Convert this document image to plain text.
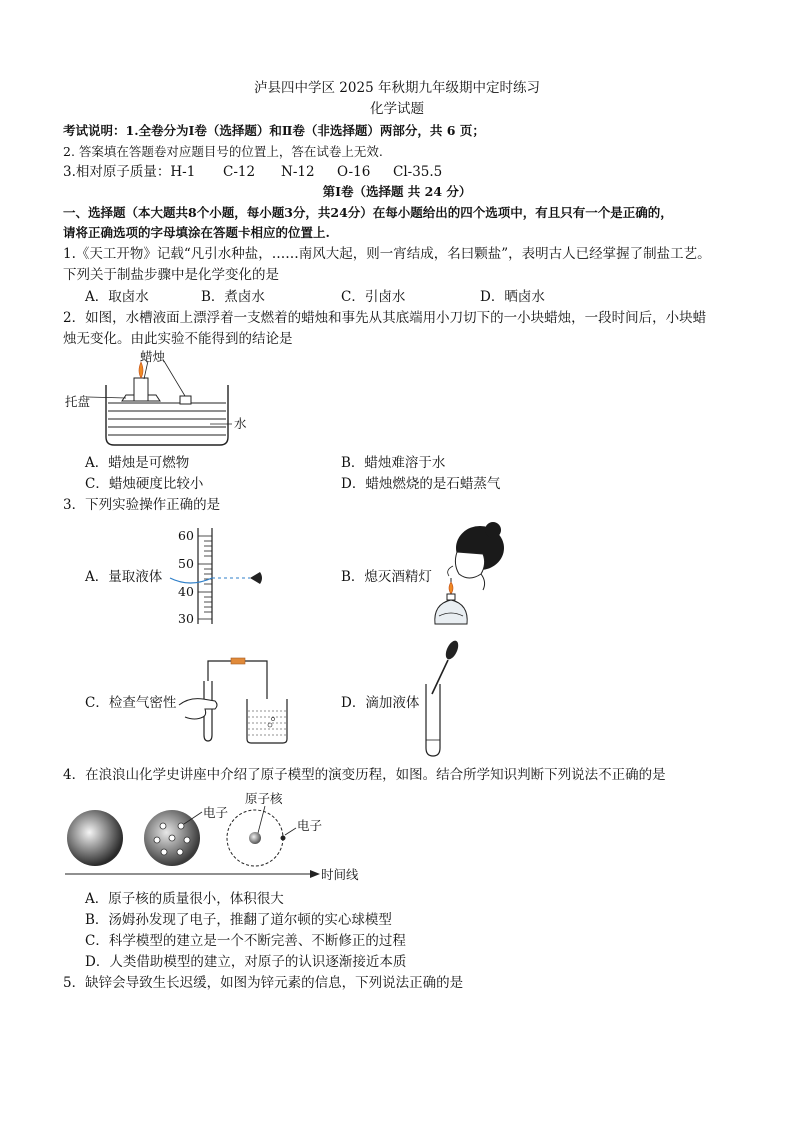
泸县四中学区 2025 年秋期九年级期中定时练习
化学试题
考试说明：1.全卷分为Ⅰ卷（选择题）和Ⅱ卷（非选择题）两部分，共 6 页；
2. 答案填在答题卷对应题目号的位置上，答在试卷上无效.
3.相对原子质量：H-1 C-12 N-12 O-16 Cl-35.5
第Ⅰ卷（选择题 共 24 分）
一、选择题（本大题共8个小题，每小题3分，共24分）在每小题给出的四个选项中，有且只有一个是正确的，
请将正确选项的字母填涂在答题卡相应的位置上.
1.《天工开物》记载“凡引水种盐，……南风大起，则一宵结成，名曰颗盐”，表明古人已经掌握了制盐工艺。
下列关于制盐步骤中是化学变化的是
A．取卤水	B．煮卤水	C．引卤水	D．晒卤水
2．如图，水槽液面上漂浮着一支燃着的蜡烛和事先从其底端用小刀切下的一小块蜡烛，一段时间后，小块蜡
烛无变化。由此实验不能得到的结论是
蜡烛
托盘
水
A．蜡烛是可燃物	B．蜡烛难溶于水
C．蜡烛硬度比较小	D．蜡烛燃烧的是石蜡蒸气
3．下列实验操作正确的是
A．量取液体
60
50
40
30
B．熄灭酒精灯
C．检查气密性	D．滴加液体
4．在浪浪山化学史讲座中介绍了原子模型的演变历程，如图。结合所学知识判断下列说法不正确的是
电子
原子核
电子
时间线
A．原子核的质量很小，体积很大
B．汤姆孙发现了电子，推翻了道尔顿的实心球模型
C．科学模型的建立是一个不断完善、不断修正的过程
D．人类借助模型的建立，对原子的认识逐渐接近本质
5．缺锌会导致生长迟缓，如图为锌元素的信息，下列说法正确的是
